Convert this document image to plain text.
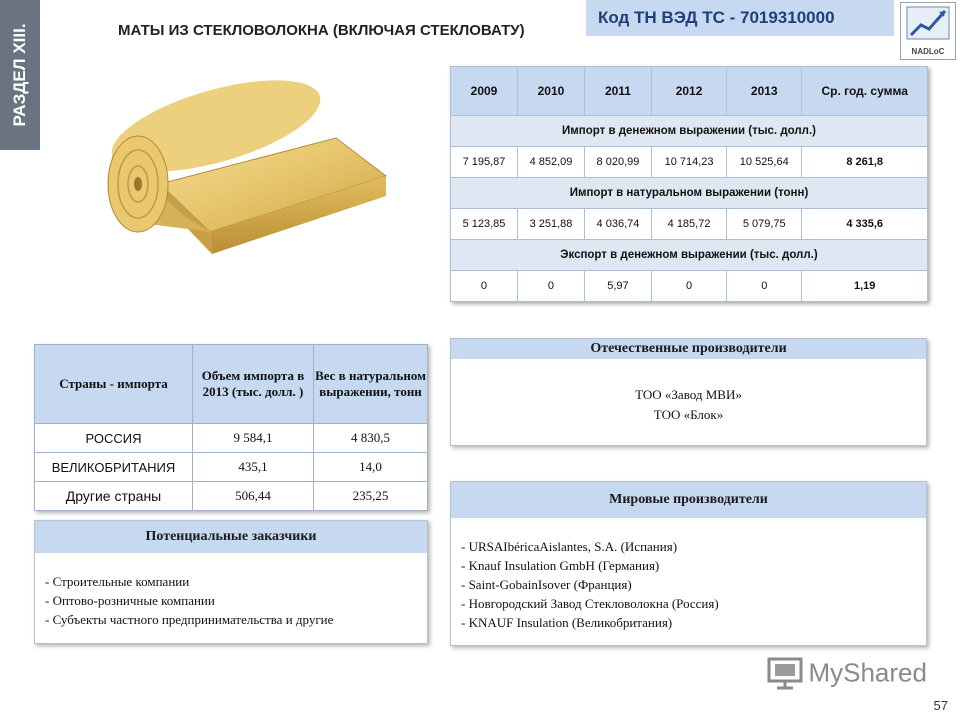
РАЗДЕЛ XIII.	МАТЫ ИЗ СТЕКЛОВОЛОКНА (ВКЛЮЧАЯ СТЕКЛОВАТУ)
Код ТН ВЭД ТС - 7019310000
NADLoC
2009	2010	2011	2012	2013	Ср. год. сумма
Импорт в денежном выражении (тыс. долл.)					
7 195,87	4 852,09	8 020,99	10 714,23	10 525,64	8 261,8
Импорт в натуральном выражении (тонн)					
5 123,85	3 251,88	4 036,74	4 185,72	5 079,75	4 335,6
Экспорт в денежном выражении (тыс. долл.)					
0	0	5,97	0	0	1,19
Страны - импорта	Объем импорта в 2013 (тыс. долл. )	Вес в натуральном выражении, тонн
РОССИЯ	9 584,1	4 830,5
ВЕЛИКОБРИТАНИЯ	435,1	14,0
Другие страны	506,44	235,25
Отечественные производители
ТОО «Завод МВИ»
ТОО «Блок»
Мировые производители
- URSAIbéricaAislantes, S.A. (Испания)
- Knauf Insulation GmbH (Германия)
- Saint-GobainIsover (Франция)
- Новгородский Завод Стекловолокна (Россия)
- KNAUF Insulation (Великобритания)
Потенциальные заказчики
- Строительные компании
- Оптово-розничные компании
- Субъекты частного предпринимательства и другие
MyShared
57
